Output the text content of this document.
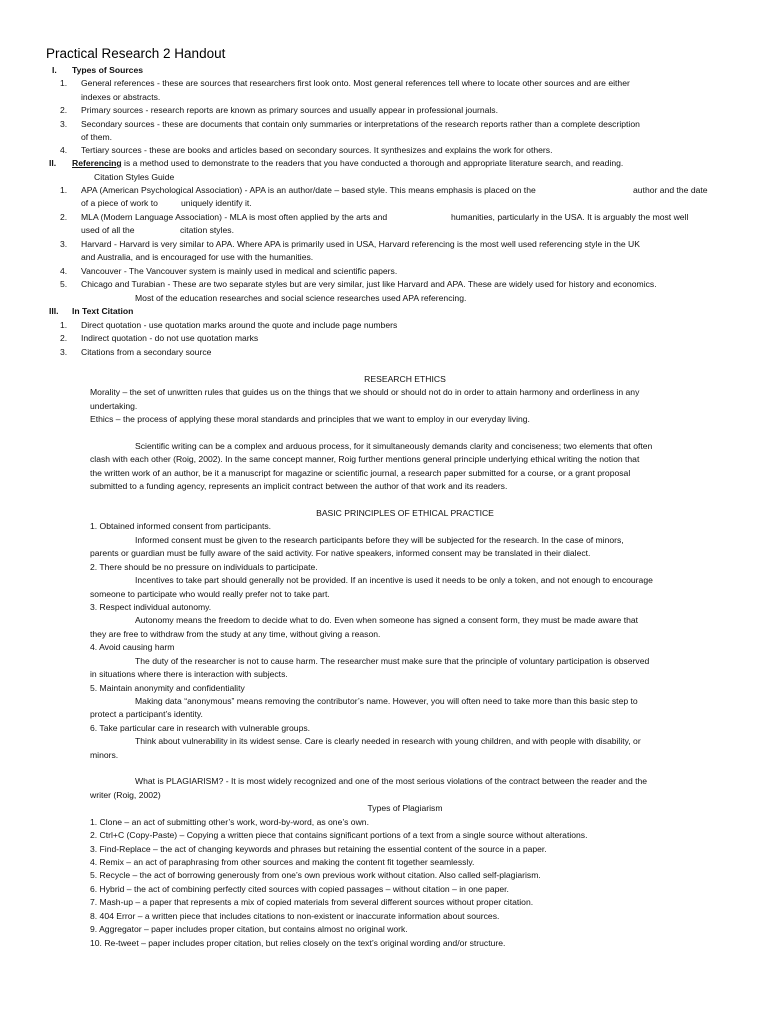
Practical Research 2 Handout
I. Types of Sources
1. General references - these are sources that researchers first look onto. Most general references tell where to locate other sources and are either
indexes or abstracts.
2. Primary sources - research reports are known as primary sources and usually appear in professional journals.
3. Secondary sources - these are documents that contain only summaries or interpretations of the research reports rather than a complete description
of them.
4. Tertiary sources - these are books and articles based on secondary sources. It synthesizes and explains the work for others.
II. Referencing is a method used to demonstrate to the readers that you have conducted a thorough and appropriate literature search, and reading.
Citation Styles Guide
1. APA (American Psychological Association) - APA is an author/date – based style. This means emphasis is placed on the	author and the date
of a piece of work to	uniquely identify it.
2. MLA (Modern Language Association) - MLA is most often applied by the arts and	humanities, particularly in the USA. It is arguably the most well
used of all the	citation styles.
3. Harvard - Harvard is very similar to APA. Where APA is primarily used in USA, Harvard referencing is the most well used referencing style in the UK
and Australia, and is encouraged for use with the humanities.
4. Vancouver - The Vancouver system is mainly used in medical and scientific papers.
5. Chicago and Turabian - These are two separate styles but are very similar, just like Harvard and APA. These are widely used for history and economics.
Most of the education researches and social science researches used APA referencing.
III. In Text Citation
1. Direct quotation - use quotation marks around the quote and include page numbers
2. Indirect quotation - do not use quotation marks
3. Citations from a secondary source
RESEARCH ETHICS
Morality – the set of unwritten rules that guides us on the things that we should or should not do in order to attain harmony and orderliness in any
undertaking.
Ethics – the process of applying these moral standards and principles that we want to employ in our everyday living.
Scientific writing can be a complex and arduous process, for it simultaneously demands clarity and conciseness; two elements that often
clash with each other (Roig, 2002). In the same concept manner, Roig further mentions general principle underlying ethical writing the notion that
the written work of an author, be it a manuscript for magazine or scientific journal, a research paper submitted for a course, or a grant proposal
submitted to a funding agency, represents an implicit contract between the author of that work and its readers.
BASIC PRINCIPLES OF ETHICAL PRACTICE
1. Obtained informed consent from participants.
Informed consent must be given to the research participants before they will be subjected for the research. In the case of minors,
parents or guardian must be fully aware of the said activity. For native speakers, informed consent may be translated in their dialect.
2. There should be no pressure on individuals to participate.
Incentives to take part should generally not be provided. If an incentive is used it needs to be only a token, and not enough to encourage
someone to participate who would really prefer not to take part.
3. Respect individual autonomy.
Autonomy means the freedom to decide what to do. Even when someone has signed a consent form, they must be made aware that
they are free to withdraw from the study at any time, without giving a reason.
4. Avoid causing harm
The duty of the researcher is not to cause harm. The researcher must make sure that the principle of voluntary participation is observed
in situations where there is interaction with subjects.
5. Maintain anonymity and confidentiality
Making data “anonymous” means removing the contributor’s name. However, you will often need to take more than this basic step to
protect a participant’s identity.
6. Take particular care in research with vulnerable groups.
Think about vulnerability in its widest sense. Care is clearly needed in research with young children, and with people with disability, or
minors.
What is PLAGIARISM? - It is most widely recognized and one of the most serious violations of the contract between the reader and the
writer (Roig, 2002)
Types of Plagiarism
1. Clone – an act of submitting other’s work, word-by-word, as one’s own.
2. Ctrl+C (Copy-Paste) – Copying a written piece that contains significant portions of a text from a single source without alterations.
3. Find-Replace – the act of changing keywords and phrases but retaining the essential content of the source in a paper.
4. Remix – an act of paraphrasing from other sources and making the content fit together seamlessly.
5. Recycle – the act of borrowing generously from one’s own previous work without citation. Also called self-plagiarism.
6. Hybrid – the act of combining perfectly cited sources with copied passages – without citation – in one paper.
7. Mash-up – a paper that represents a mix of copied materials from several different sources without proper citation.
8. 404 Error – a written piece that includes citations to non-existent or inaccurate information about sources.
9. Aggregator – paper includes proper citation, but contains almost no original work.
10. Re-tweet – paper includes proper citation, but relies closely on the text’s original wording and/or structure.
